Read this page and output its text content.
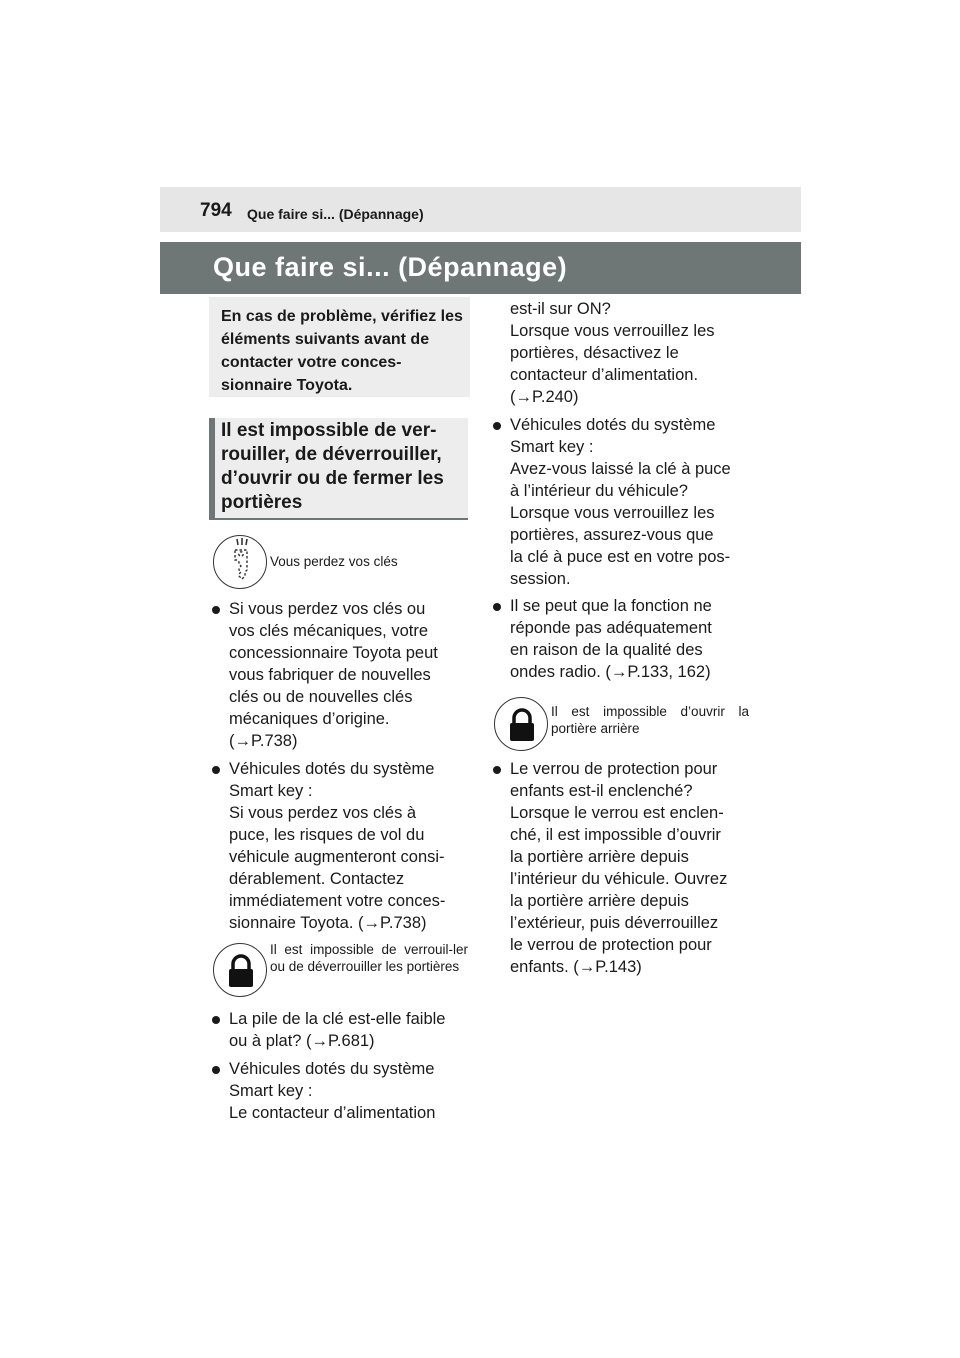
794 Que faire si... (Dépannage)
Que faire si... (Dépannage)
En cas de problème, vérifiez les éléments suivants avant de contacter votre conces-sionnaire Toyota.
Il est impossible de ver-rouiller, de déverrouiller, d’ouvrir ou de fermer les portières
Vous perdez vos clés
Si vous perdez vos clés ou
vos clés mécaniques, votre
concessionnaire Toyota peut
vous fabriquer de nouvelles
clés ou de nouvelles clés
mécaniques d’origine.
(→P.738)
Véhicules dotés du système
Smart key :
Si vous perdez vos clés à
puce, les risques de vol du
véhicule augmenteront consi-
dérablement. Contactez
immédiatement votre conces-
sionnaire Toyota. (→P.738)
Il est impossible de verrouil-ler ou de déverrouiller les portières
La pile de la clé est-elle faible
ou à plat? (→P.681)
Véhicules dotés du système
Smart key :
Le contacteur d’alimentation
est-il sur ON?
Lorsque vous verrouillez les
portières, désactivez le
contacteur d’alimentation.
(→P.240)
Véhicules dotés du système
Smart key :
Avez-vous laissé la clé à puce
à l’intérieur du véhicule?
Lorsque vous verrouillez les
portières, assurez-vous que
la clé à puce est en votre pos-
session.
Il se peut que la fonction ne
réponde pas adéquatement
en raison de la qualité des
ondes radio. (→P.133, 162)
Il est impossible d’ouvrir la portière arrière
Le verrou de protection pour
enfants est-il enclenché?
Lorsque le verrou est enclen-
ché, il est impossible d’ouvrir
la portière arrière depuis
l’intérieur du véhicule. Ouvrez
la portière arrière depuis
l’extérieur, puis déverrouillez
le verrou de protection pour
enfants. (→P.143)
